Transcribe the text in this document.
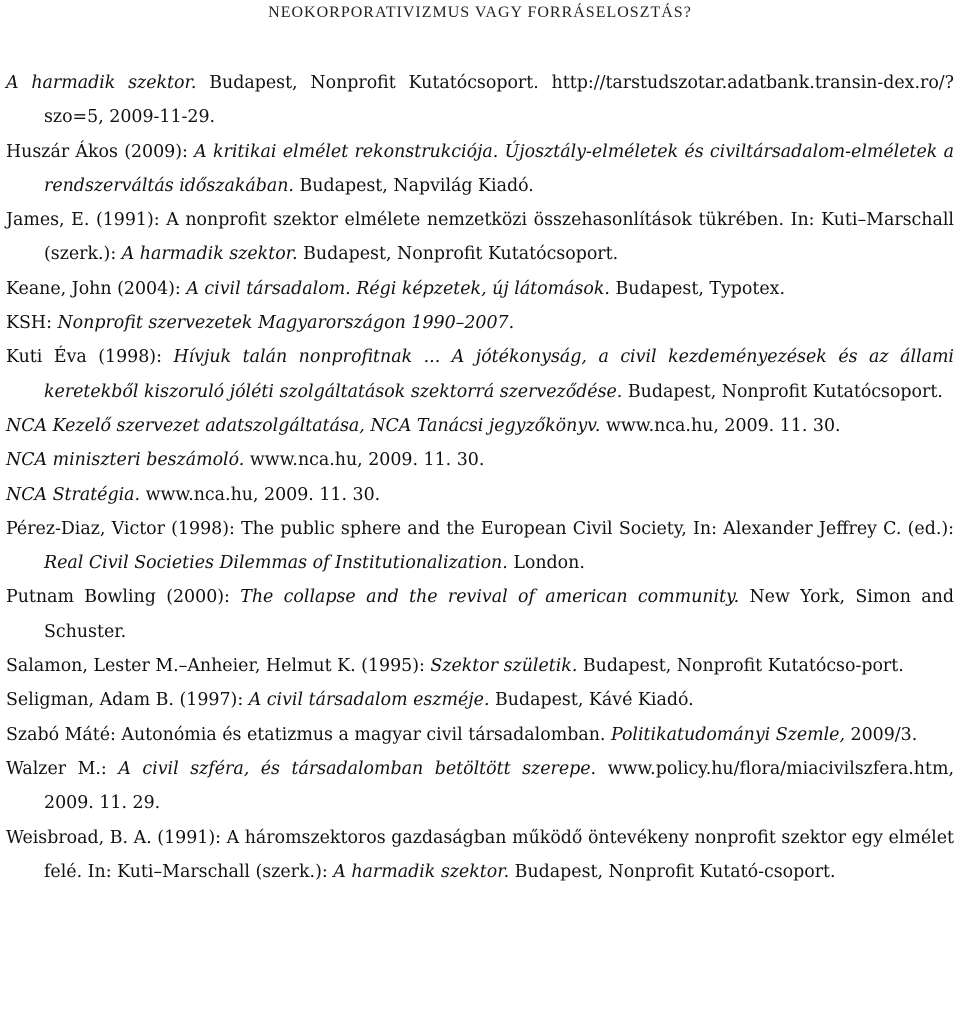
NEOKORPORATIVIZMUS VAGY FORRÁSELOSZTÁS?

A harmadik szektor. Budapest, Nonprofit Kutatócsoport. http://tarstudszotar.adatbank.transin-dex.ro/?szo=5, 2009-11-29.

Huszár Ákos (2009): A kritikai elmélet rekonstrukciója. Újosztály-elméletek és civiltársadalom-elméletek a rendszerváltás időszakában. Budapest, Napvilág Kiadó.

James, E. (1991): A nonprofit szektor elmélete nemzetközi összehasonlítások tükrében. In: Kuti–Marschall (szerk.): A harmadik szektor. Budapest, Nonprofit Kutatócsoport.

Keane, John (2004): A civil társadalom. Régi képzetek, új látomások. Budapest, Typotex.

KSH: Nonprofit szervezetek Magyarországon 1990–2007.

Kuti Éva (1998): Hívjuk talán nonprofitnak ... A jótékonyság, a civil kezdeményezések és az állami keretekből kiszoruló jóléti szolgáltatások szektorrá szerveződése. Budapest, Nonprofit Kutatócsoport.

NCA Kezelő szervezet adatszolgáltatása, NCA Tanácsi jegyzőkönyv. www.nca.hu, 2009. 11. 30.

NCA miniszteri beszámoló. www.nca.hu, 2009. 11. 30.

NCA Stratégia. www.nca.hu, 2009. 11. 30.

Pérez-Diaz, Victor (1998): The public sphere and the European Civil Society, In: Alexander Jeffrey C. (ed.): Real Civil Societies Dilemmas of Institutionalization. London.

Putnam Bowling (2000): The collapse and the revival of american community. New York, Simon and Schuster.

Salamon, Lester M.–Anheier, Helmut K. (1995): Szektor születik. Budapest, Nonprofit Kutatócso-port.

Seligman, Adam B. (1997): A civil társadalom eszméje. Budapest, Kávé Kiadó.

Szabó Máté: Autonómia és etatizmus a magyar civil társadalomban. Politikatudományi Szemle, 2009/3.

Walzer M.: A civil szféra, és társadalomban betöltött szerepe. www.policy.hu/flora/miacivilszfera.htm, 2009. 11. 29.

Weisbroad, B. A. (1991): A háromszektoros gazdaságban működő öntevékeny nonprofit szektor egy elmélet felé. In: Kuti–Marschall (szerk.): A harmadik szektor. Budapest, Nonprofit Kutató-csoport.
